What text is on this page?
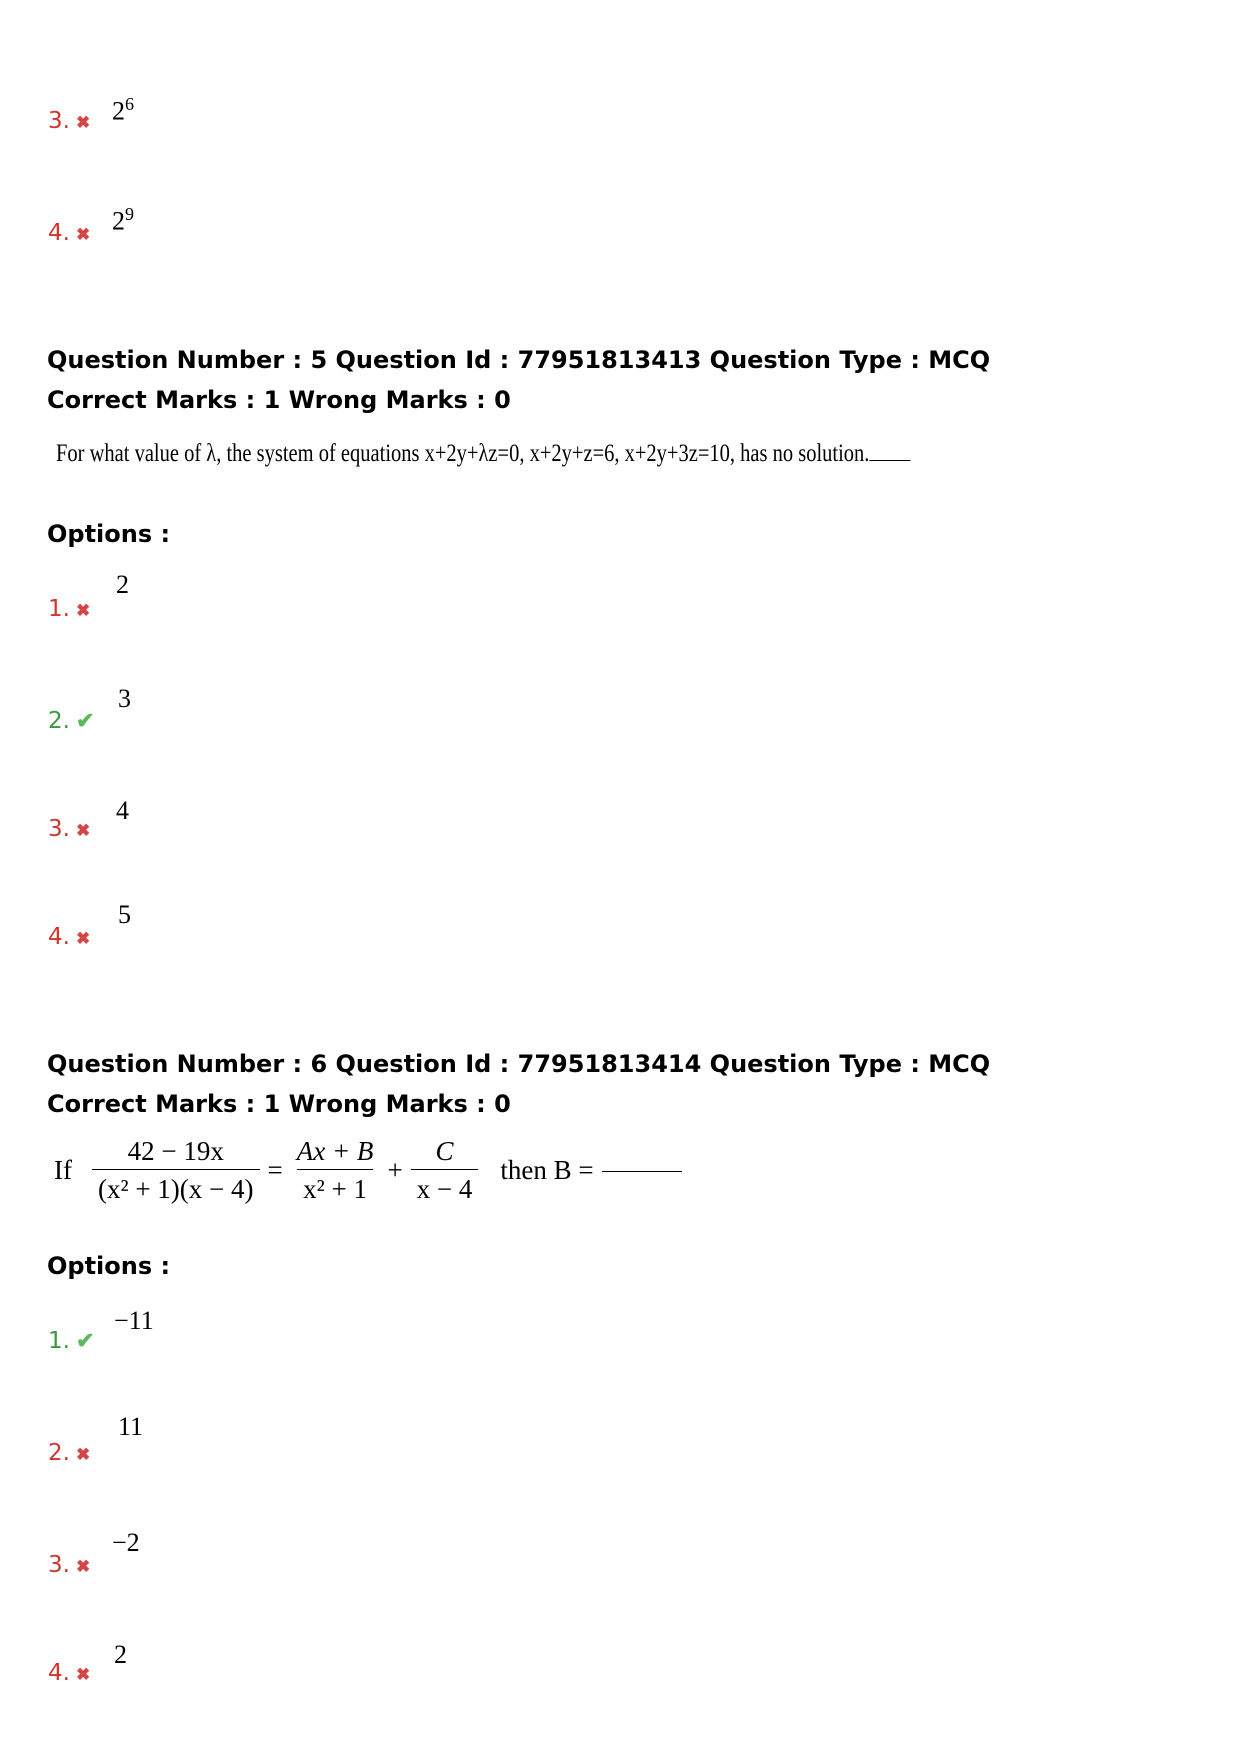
3. ✖ $2^6$
4. ✖ $2^9$
Question Number : 5 Question Id : 77951813413 Question Type : MCQ
Correct Marks : 1 Wrong Marks : 0
For what value of λ, the system of equations x+2y+λz=0, x+2y+z=6, x+2y+3z=10, has no solution.
Options :
1. ✖
2
2. ✔
3
3. ✖
4
4. ✖
5
Question Number : 6 Question Id : 77951813414 Question Type : MCQ
Correct Marks : 1 Wrong Marks : 0
If $\frac{42 - 19x}{\text{(x² + 1)(x − 4)}} = \frac{Ax + B}{\text{x² + 1}} + \frac{C}{x - 4}$ then B =
Options :
1. ✔
−11
2. ✖
11
3. ✖
−2
4. ✖
2
